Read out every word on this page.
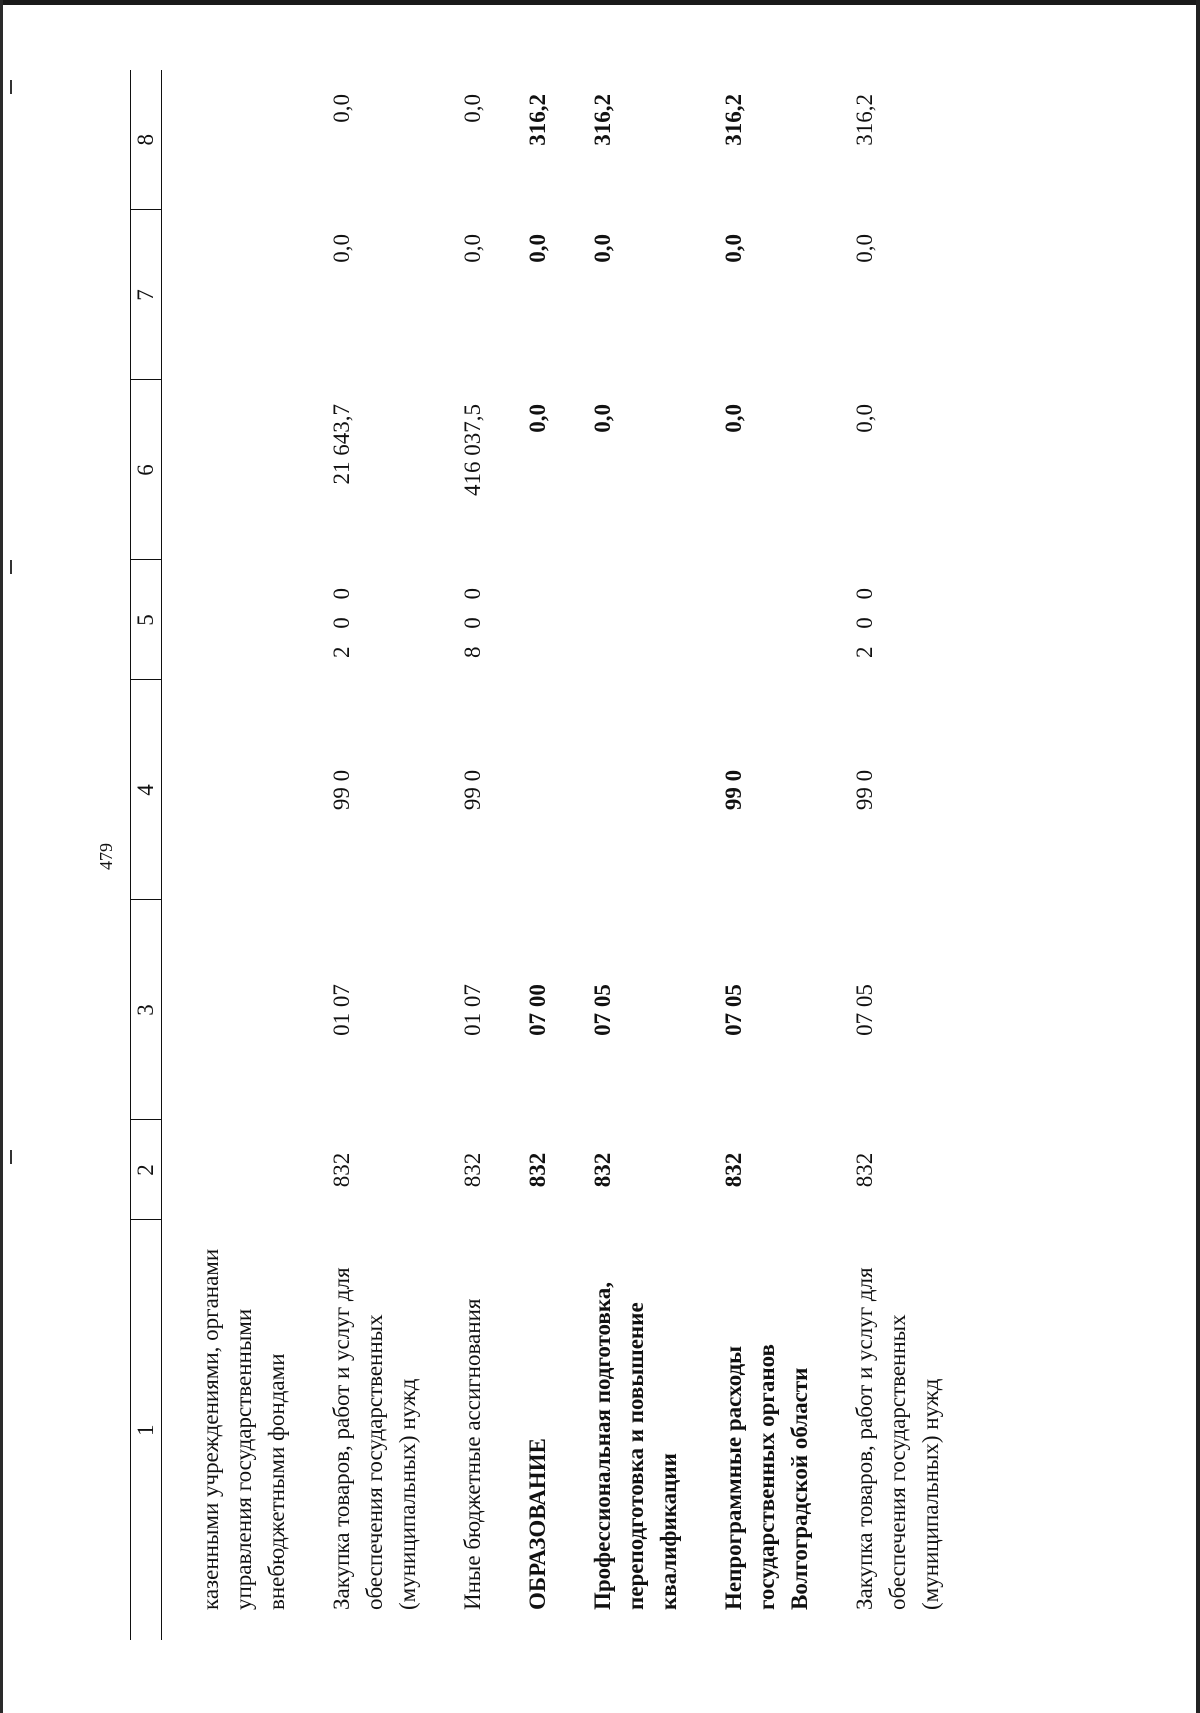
479
1	2	3	4	5	6	7	8
казенными учреждениями, органами управления государственными внебюджетными фондами							
Закупка товаров, работ и услуг для обеспечения государственных (муниципальных) нужд	832	01 07	99 0	2 0 0	21 643,7	0,0	0,0
Иные бюджетные ассигнования	832	01 07	99 0	8 0 0	416 037,5	0,0	0,0
ОБРАЗОВАНИЕ	832	07 00			0,0	0,0	316,2
Профессиональная подготовка, переподготовка и повышение квалификации	832	07 05			0,0	0,0	316,2
Непрограммные расходы государственных органов Волгоградской области	832	07 05	99 0		0,0	0,0	316,2
Закупка товаров, работ и услуг для обеспечения государственных (муниципальных) нужд	832	07 05	99 0	2 0 0	0,0	0,0	316,2
